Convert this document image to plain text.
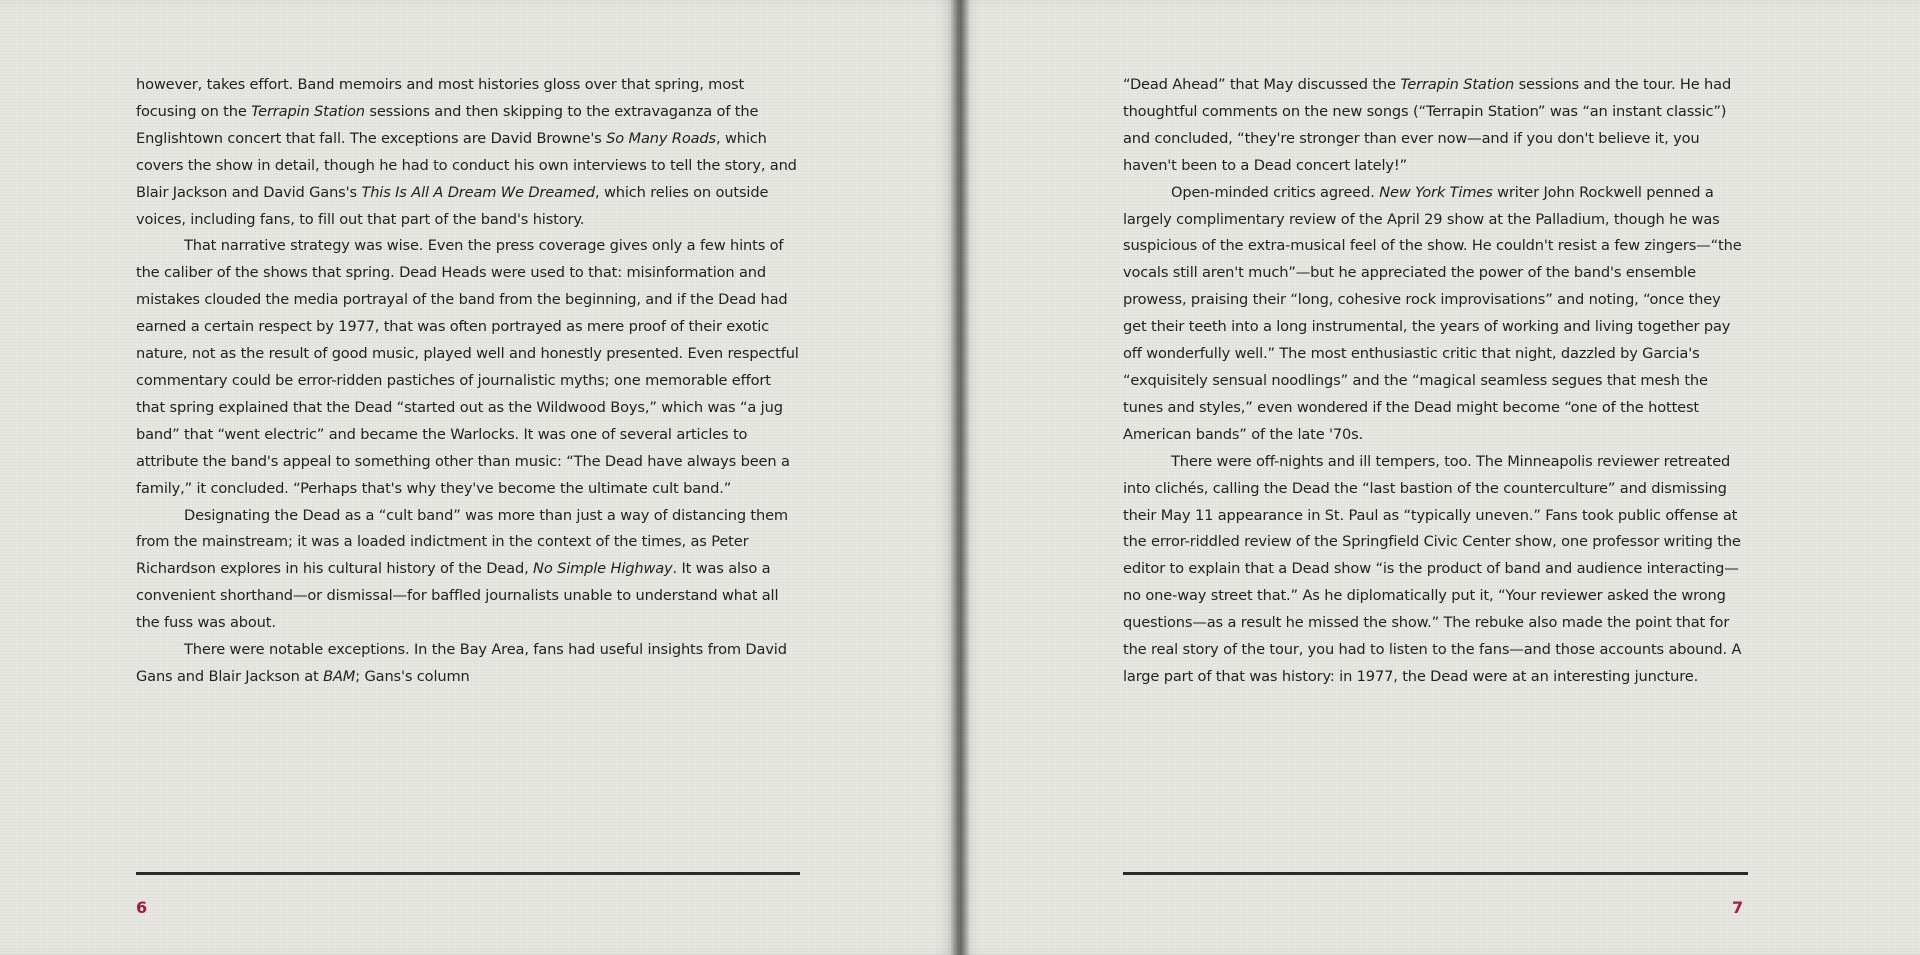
however, takes effort. Band memoirs and most histories gloss over that spring, most focusing on the Terrapin Station sessions and then skipping to the extravaganza of the Englishtown concert that fall. The exceptions are David Browne's So Many Roads, which covers the show in detail, though he had to conduct his own interviews to tell the story, and Blair Jackson and David Gans's This Is All A Dream We Dreamed, which relies on outside voices, including fans, to fill out that part of the band's history.

That narrative strategy was wise. Even the press coverage gives only a few hints of the caliber of the shows that spring. Dead Heads were used to that: misinformation and mistakes clouded the media portrayal of the band from the beginning, and if the Dead had earned a certain respect by 1977, that was often portrayed as mere proof of their exotic nature, not as the result of good music, played well and honestly presented. Even respectful commentary could be error-ridden pastiches of journalistic myths; one memorable effort that spring explained that the Dead “started out as the Wildwood Boys,” which was “a jug band” that “went electric” and became the Warlocks. It was one of several articles to attribute the band's appeal to something other than music: “The Dead have always been a family,” it concluded. “Perhaps that's why they've become the ultimate cult band.”

Designating the Dead as a “cult band” was more than just a way of distancing them from the mainstream; it was a loaded indictment in the context of the times, as Peter Richardson explores in his cultural history of the Dead, No Simple Highway. It was also a convenient shorthand—or dismissal—for baffled journalists unable to understand what all the fuss was about.

There were notable exceptions. In the Bay Area, fans had useful insights from David Gans and Blair Jackson at BAM; Gans's column

6

“Dead Ahead” that May discussed the Terrapin Station sessions and the tour. He had thoughtful comments on the new songs (“Terrapin Station” was “an instant classic”) and concluded, “they're stronger than ever now—and if you don't believe it, you haven't been to a Dead concert lately!”

Open-minded critics agreed. New York Times writer John Rockwell penned a largely complimentary review of the April 29 show at the Palladium, though he was suspicious of the extra-musical feel of the show. He couldn't resist a few zingers—“the vocals still aren't much”—but he appreciated the power of the band's ensemble prowess, praising their “long, cohesive rock improvisations” and noting, “once they get their teeth into a long instrumental, the years of working and living together pay off wonderfully well.” The most enthusiastic critic that night, dazzled by Garcia's “exquisitely sensual noodlings” and the “magical seamless segues that mesh the tunes and styles,” even wondered if the Dead might become “one of the hottest American bands” of the late '70s.

There were off-nights and ill tempers, too. The Minneapolis reviewer retreated into clichés, calling the Dead the “last bastion of the counterculture” and dismissing their May 11 appearance in St. Paul as “typically uneven.” Fans took public offense at the error-riddled review of the Springfield Civic Center show, one professor writing the editor to explain that a Dead show “is the product of band and audience interacting—no one-way street that.” As he diplomatically put it, “Your reviewer asked the wrong questions—as a result he missed the show.” The rebuke also made the point that for the real story of the tour, you had to listen to the fans—and those accounts abound. A large part of that was history: in 1977, the Dead were at an interesting juncture.

7
